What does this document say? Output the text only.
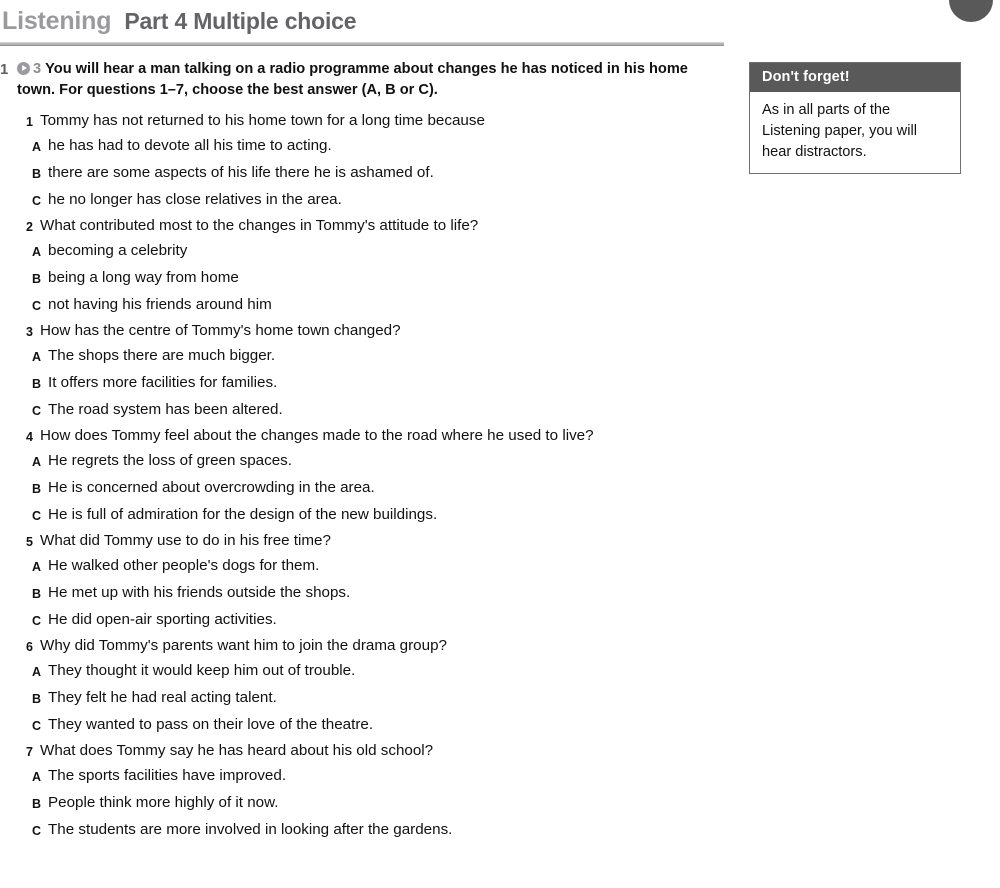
Listening Part 4 Multiple choice
1	3 You will hear a man talking on a radio programme about changes he has noticed in his home town. For questions 1–7, choose the best answer (A, B or C).
1 Tommy has not returned to his home town for a long time because
A he has had to devote all his time to acting.
B there are some aspects of his life there he is ashamed of.
C he no longer has close relatives in the area.
2 What contributed most to the changes in Tommy's attitude to life?
A becoming a celebrity
B being a long way from home
C not having his friends around him
3 How has the centre of Tommy's home town changed?
A The shops there are much bigger.
B It offers more facilities for families.
C The road system has been altered.
4 How does Tommy feel about the changes made to the road where he used to live?
A He regrets the loss of green spaces.
B He is concerned about overcrowding in the area.
C He is full of admiration for the design of the new buildings.
5 What did Tommy use to do in his free time?
A He walked other people's dogs for them.
B He met up with his friends outside the shops.
C He did open-air sporting activities.
6 Why did Tommy's parents want him to join the drama group?
A They thought it would keep him out of trouble.
B They felt he had real acting talent.
C They wanted to pass on their love of the theatre.
7 What does Tommy say he has heard about his old school?
A The sports facilities have improved.
B People think more highly of it now.
C The students are more involved in looking after the gardens.
Don't forget!
As in all parts of the Listening paper, you will hear distractors.
